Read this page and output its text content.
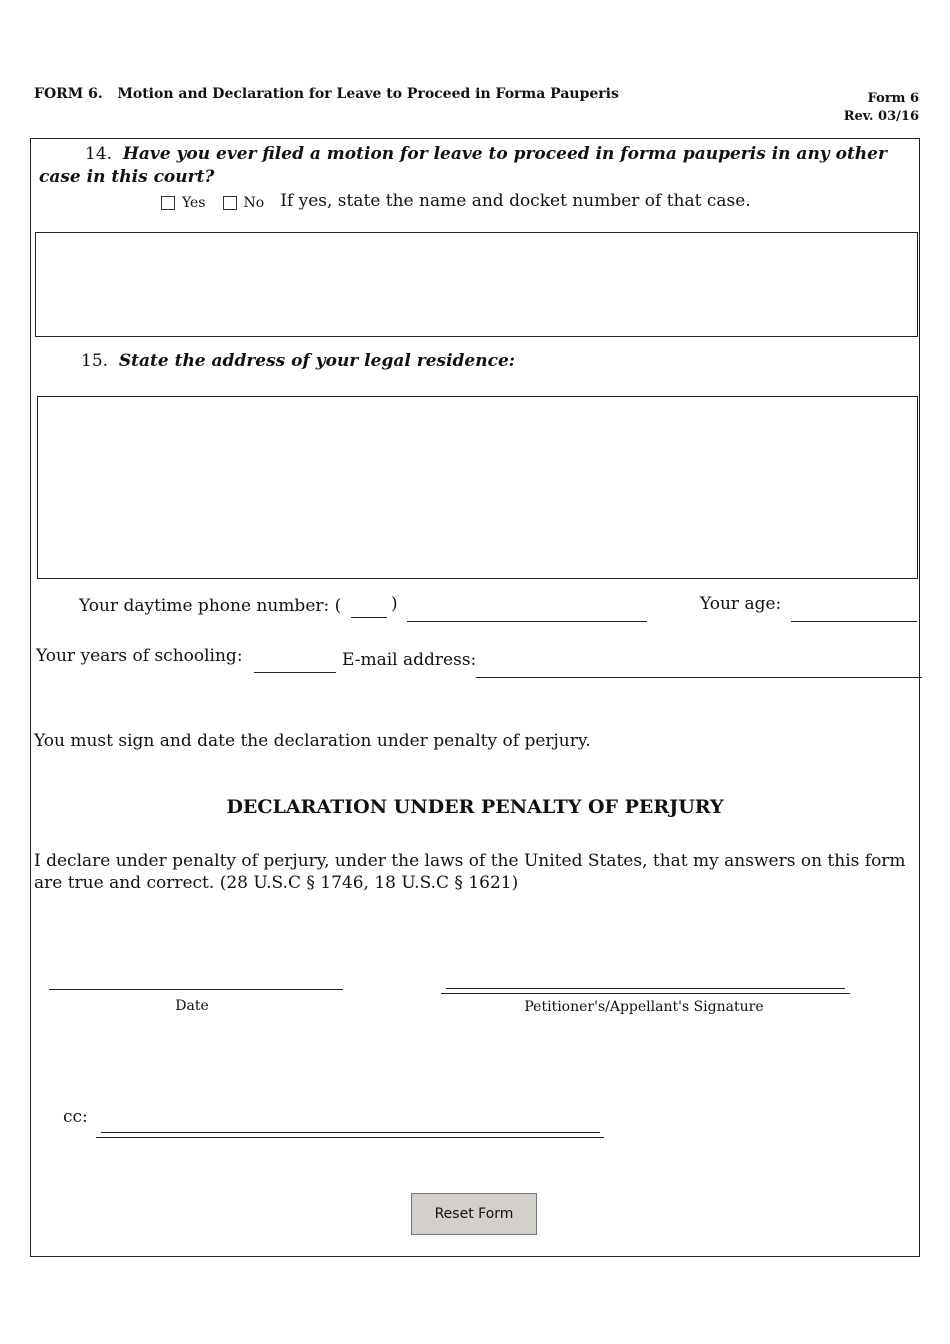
FORM 6.   Motion and Declaration for Leave to Proceed in Forma Pauperis	Form 6
Rev. 03/16
14. Have you ever filed a motion for leave to proceed in forma pauperis in any other case in this court?
Yes	No If yes, state the name and docket number of that case.
15. State the address of your legal residence:
Your daytime phone number: (	)	Your age:
Your years of schooling:	E-mail address:
You must sign and date the declaration under penalty of perjury.
DECLARATION UNDER PENALTY OF PERJURY
I declare under penalty of perjury, under the laws of the United States, that my answers on this form are true and correct. (28 U.S.C § 1746, 18 U.S.C § 1621)
Date	Petitioner's/Appellant's Signature
cc:
Reset Form
